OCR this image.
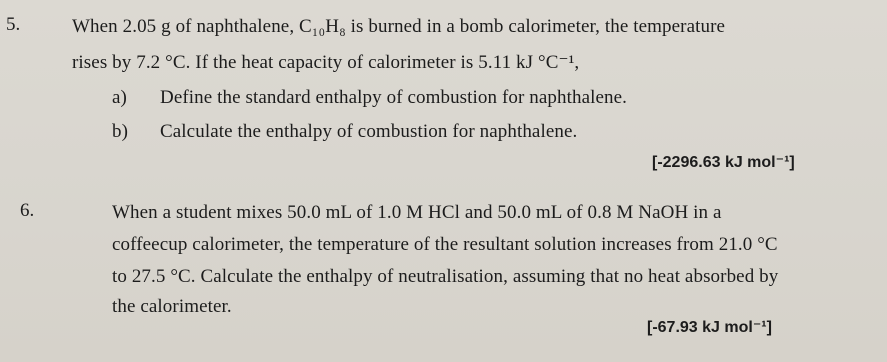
5.	When 2.05 g of naphthalene, C₁₀H₈ is burned in a bomb calorimeter, the temperature
rises by 7.2 °C. If the heat capacity of calorimeter is 5.11 kJ °C⁻¹,
a) Define the standard enthalpy of combustion for naphthalene.
b) Calculate the enthalpy of combustion for naphthalene.
[-2296.63 kJ mol⁻¹]
6.	When a student mixes 50.0 mL of 1.0 M HCl and 50.0 mL of 0.8 M NaOH in a
coffeecup calorimeter, the temperature of the resultant solution increases from 21.0 °C
to 27.5 °C. Calculate the enthalpy of neutralisation, assuming that no heat absorbed by
the calorimeter.
[-67.93 kJ mol⁻¹]
